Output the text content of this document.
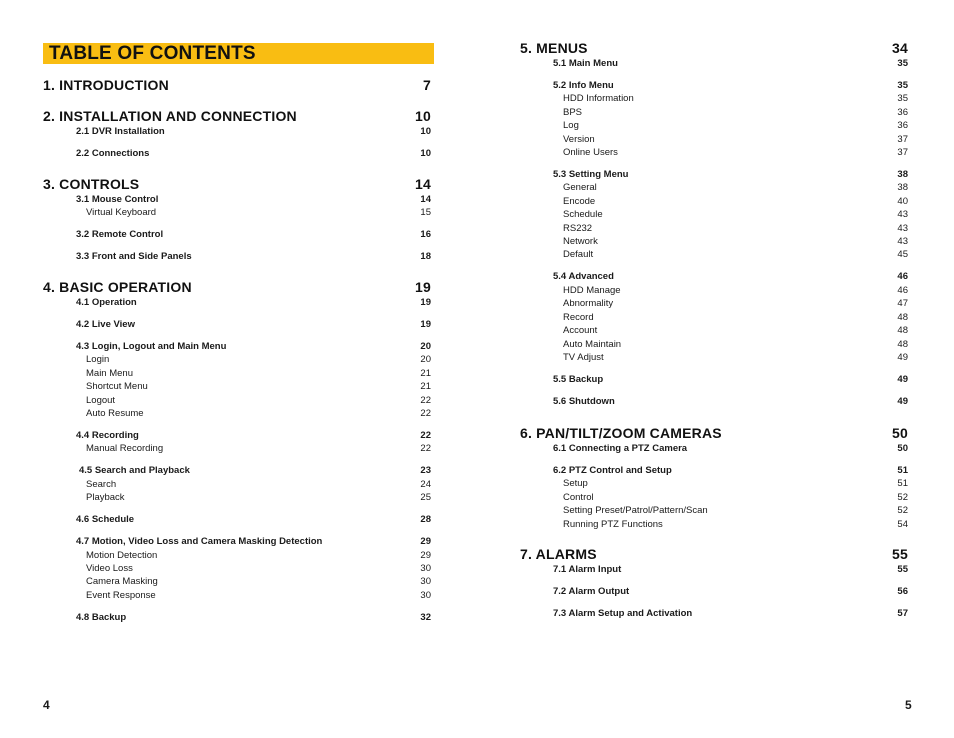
TABLE OF CONTENTS
1. INTRODUCTION	7
2. INSTALLATION AND CONNECTION	10
2.1 DVR Installation	10
2.2 Connections	10
3. CONTROLS	14
3.1 Mouse Control	14
Virtual Keyboard	15
3.2 Remote Control	16
3.3 Front and Side Panels	18
4. BASIC OPERATION	19
4.1 Operation	19
4.2 Live View	19
4.3 Login, Logout and Main Menu	20
Login	20
Main Menu	21
Shortcut Menu	21
Logout	22
Auto Resume	22
4.4 Recording	22
Manual Recording	22
4.5 Search and Playback	23
Search	24
Playback	25
4.6 Schedule	28
4.7 Motion, Video Loss and Camera Masking Detection	29
Motion Detection	29
Video Loss	30
Camera Masking	30
Event Response	30
4.8 Backup	32
4
5. MENUS	34
5.1 Main Menu	35
5.2 Info Menu	35
HDD Information	35
BPS	36
Log	36
Version	37
Online Users	37
5.3 Setting Menu	38
General	38
Encode	40
Schedule	43
RS232	43
Network	43
Default	45
5.4 Advanced	46
HDD Manage	46
Abnormality	47
Record	48
Account	48
Auto Maintain	48
TV Adjust	49
5.5 Backup	49
5.6 Shutdown	49
6. PAN/TILT/ZOOM CAMERAS	50
6.1 Connecting a PTZ Camera	50
6.2 PTZ Control and Setup	51
Setup	51
Control	52
Setting Preset/Patrol/Pattern/Scan	52
Running PTZ Functions	54
7. ALARMS	55
7.1 Alarm Input	55
7.2 Alarm Output	56
7.3 Alarm Setup and Activation	57
5
